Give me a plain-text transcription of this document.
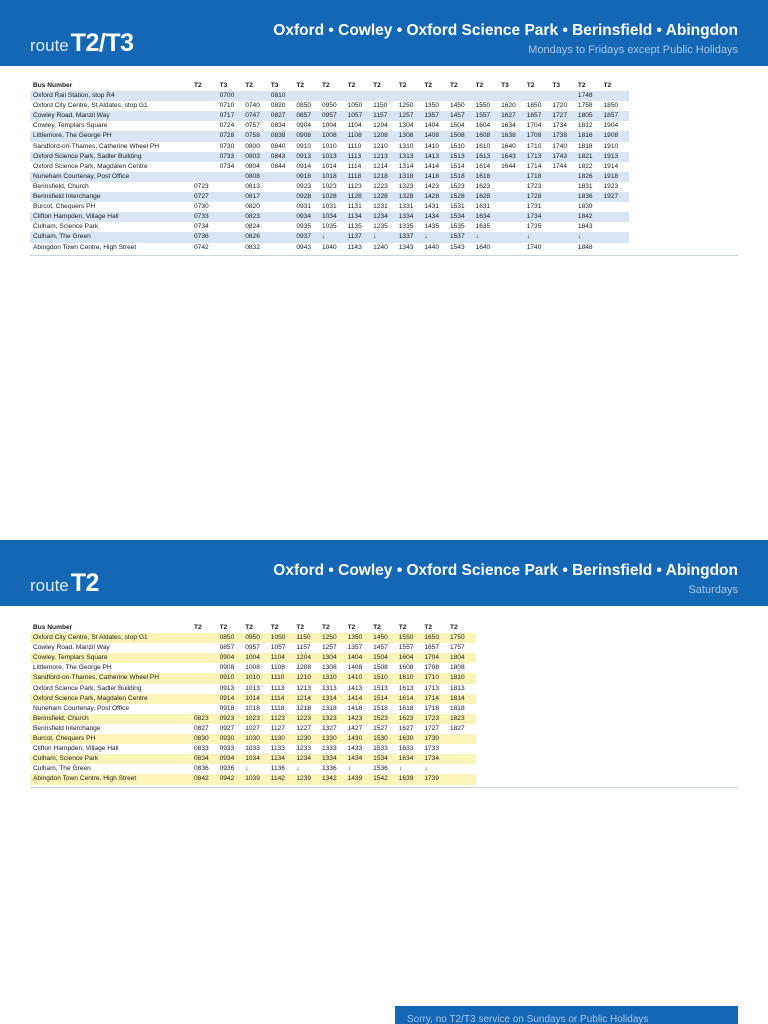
routeT2/T3	Oxford • Cowley • Oxford Science Park • Berinsfield • Abingdon
Mondays to Fridays except Public Holidays
Bus Number	T2	T3	T2	T3	T2	T2	T2	T2	T2	T2	T2	T2	T3	T2	T3	T2	T2
Oxford Rail Station, stop R4		0700		0810												1748	
Oxford City Centre, St Aldates, stop G1		0710	0740	0820	0850	0950	1050	1150	1250	1350	1450	1550	1620	1650	1720	1758	1850
Cowley Road, Manzil Way		0717	0747	0827	0857	0957	1057	1157	1257	1357	1457	1557	1627	1657	1727	1805	1857
Cowley, Templars Square		0724	0757	0834	0904	1004	1104	1204	1304	1404	1504	1604	1634	1704	1734	1812	1904
Littlemore, The George PH		0728	0758	0838	0908	1008	1108	1208	1308	1408	1508	1608	1638	1708	1738	1816	1908
Sandford-on-Thames, Catherine Wheel PH		0730	0800	0840	0910	1010	1110	1210	1310	1410	1510	1610	1640	1710	1740	1818	1910
Oxford Science Park, Sadler Building		0733	0803	0843	0913	1013	1113	1213	1313	1413	1513	1613	1643	1713	1743	1821	1913
Oxford Science Park, Magdalen Centre		0734	0804	0844	0914	1014	1114	1214	1314	1414	1514	1614	1644	1714	1744	1822	1914
Nuneham Courtenay, Post Office			0808		0918	1018	1118	1218	1318	1418	1518	1618		1718		1826	1918
Berinsfield, Church	0723		0813		0923	1023	1123	1223	1323	1423	1523	1623		1723		1831	1923
Berinsfield Interchange	0727		0817		0928	1028	1128	1228	1328	1428	1528	1628		1728		1836	1927
Burcot, Chequers PH	0730		0820		0931	1031	1131	1231	1331	1431	1531	1631		1731		1839	
Clifton Hampden, Village Hall	0733		0823		0934	1034	1134	1234	1334	1434	1534	1634		1734		1842	
Culham, Science Park	0734		0824		0935	1035	1135	1235	1335	1435	1535	1635		1735		1843	
Culham, The Green	0736		0826		0937	↓	1137	↓	1337	↓	1537	↓		↓		↓	
Abingdon Town Centre, High Street	0742		0832		0943	1040	1143	1240	1343	1440	1543	1640		1740		1848	
routeT2	Oxford • Cowley • Oxford Science Park • Berinsfield • Abingdon
Saturdays
Bus Number	T2	T2	T2	T2	T2	T2	T2	T2	T2	T2	T2
Oxford City Centre, St Aldates, stop G1		0850	0950	1050	1150	1250	1350	1450	1550	1650	1750
Cowley Road, Manzil Way		0857	0957	1057	1157	1257	1357	1457	1557	1657	1757
Cowley, Templars Square		0904	1004	1104	1204	1304	1404	1504	1604	1704	1804
Littlemore, The George PH		0908	1008	1108	1208	1308	1408	1508	1608	1708	1808
Sandford-on-Thames, Catherine Wheel PH		0910	1010	1110	1210	1310	1410	1510	1610	1710	1810
Oxford Science Park, Sadler Building		0913	1013	1113	1213	1313	1413	1513	1613	1713	1813
Oxford Science Park, Magdalen Centre		0914	1014	1114	1214	1314	1414	1514	1614	1714	1814
Nuneham Courtenay, Post Office		0918	1018	1118	1218	1318	1418	1518	1618	1718	1818
Berinsfield, Church	0823	0923	1023	1123	1223	1323	1423	1523	1623	1723	1823
Berinsfield Interchange	0827	0927	1027	1127	1227	1327	1427	1527	1627	1727	1827
Burcot, Chequers PH	0830	0930	1030	1130	1230	1330	1430	1530	1630	1730	
Clifton Hampden, Village Hall	0833	0933	1033	1133	1233	1333	1433	1533	1633	1733	
Culham, Science Park	0834	0934	1034	1134	1234	1334	1434	1534	1634	1734	
Culham, The Green	0836	0936	↓	1136	↓	1336	↓	1536	↓	↓	
Abingdon Town Centre, High Street	0842	0942	1039	1142	1239	1342	1439	1542	1639	1739	
Sorry, no T2/T3 service on Sundays or Public Holidays
